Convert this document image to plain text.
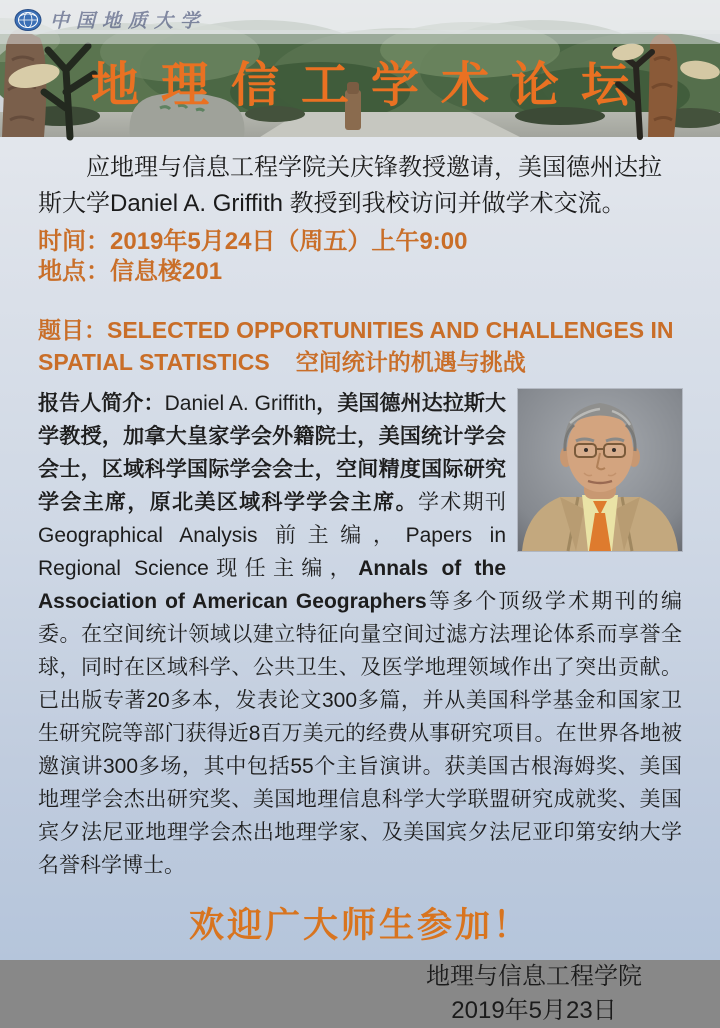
中国地质大学
地理信工学术论坛

应地理与信息工程学院关庆锋教授邀请，美国德州达拉斯大学Daniel A. Griffith 教授到我校访问并做学术交流。

时间：2019年5月24日（周五）上午9:00
地点：信息楼201

题目：SELECTED OPPORTUNITIES AND CHALLENGES IN SPATIAL STATISTICS 空间统计的机遇与挑战

报告人简介：Daniel A. Griffith，美国德州达拉斯大学教授，加拿大皇家学会外籍院士，美国统计学会会士，区域科学国际学会会士，空间精度国际研究学会主席，原北美区域科学学会主席。学术期刊Geographical Analysis 前主编，Papers in Regional Science现任主编，Annals of the Association of American Geographers等多个顶级学术期刊的编委。在空间统计领域以建立特征向量空间过滤方法理论体系而享誉全球，同时在区域科学、公共卫生、及医学地理领域作出了突出贡献。已出版专著20多本，发表论文300多篇，并从美国科学基金和国家卫生研究院等部门获得近8百万美元的经费从事研究项目。在世界各地被邀演讲300多场，其中包括55个主旨演讲。获美国古根海姆奖、美国地理学会杰出研究奖、美国地理信息科学大学联盟研究成就奖、美国宾夕法尼亚地理学会杰出地理学家、及美国宾夕法尼亚印第安纳大学名誉科学博士。
欢迎广大师生参加！
地理与信息工程学院
2019年5月23日
